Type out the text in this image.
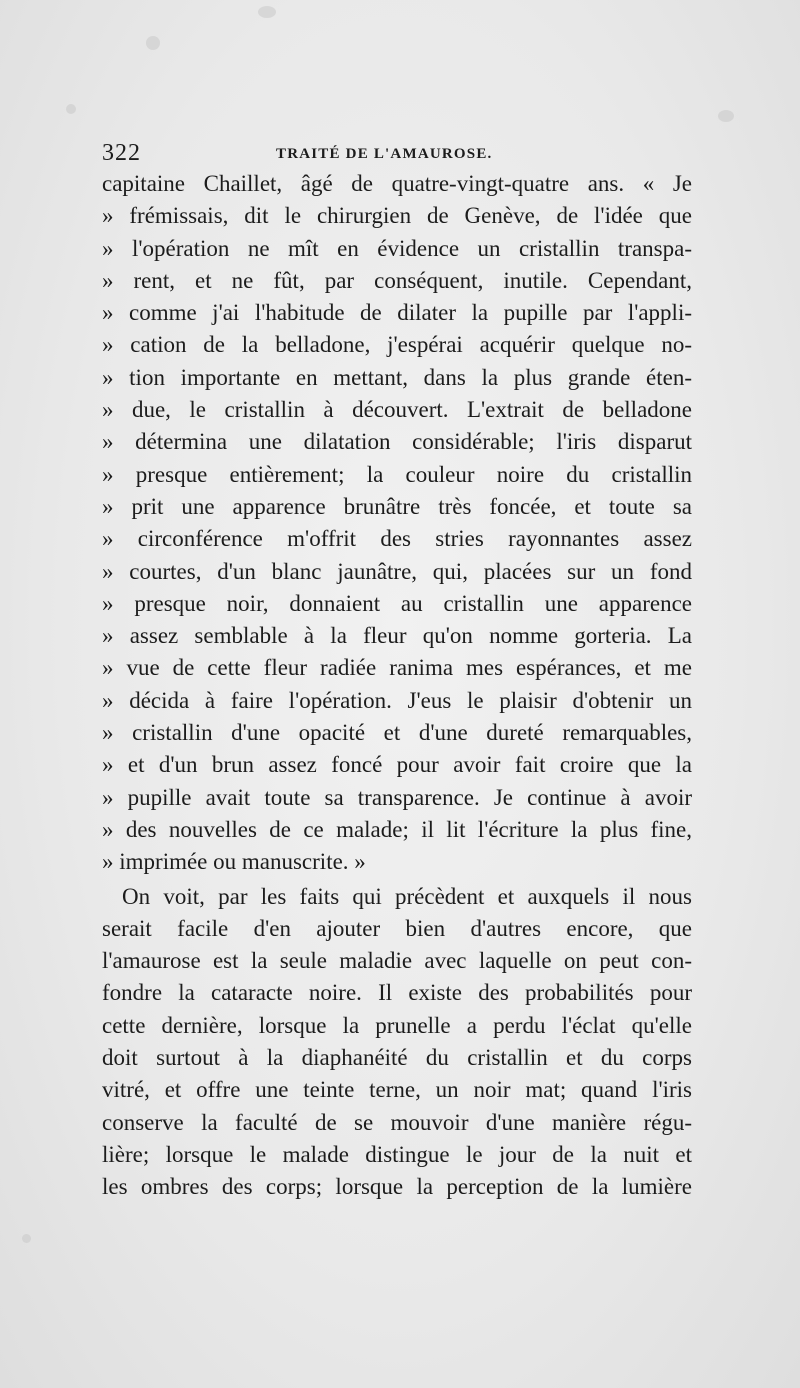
322	TRAITÉ DE L'AMAUROSE.
capitaine Chaillet, âgé de quatre-vingt-quatre ans. « Je
» frémissais, dit le chirurgien de Genève, de l'idée que
» l'opération ne mît en évidence un cristallin transpa-
» rent, et ne fût, par conséquent, inutile. Cependant,
» comme j'ai l'habitude de dilater la pupille par l'appli-
» cation de la belladone, j'espérai acquérir quelque no-
» tion importante en mettant, dans la plus grande éten-
» due, le cristallin à découvert. L'extrait de belladone
» détermina une dilatation considérable; l'iris disparut
» presque entièrement; la couleur noire du cristallin
» prit une apparence brunâtre très foncée, et toute sa
» circonférence m'offrit des stries rayonnantes assez
» courtes, d'un blanc jaunâtre, qui, placées sur un fond
» presque noir, donnaient au cristallin une apparence
» assez semblable à la fleur qu'on nomme gorteria. La
» vue de cette fleur radiée ranima mes espérances, et me
» décida à faire l'opération. J'eus le plaisir d'obtenir un
» cristallin d'une opacité et d'une dureté remarquables,
» et d'un brun assez foncé pour avoir fait croire que la
» pupille avait toute sa transparence. Je continue à avoir
» des nouvelles de ce malade; il lit l'écriture la plus fine,
» imprimée ou manuscrite. »
On voit, par les faits qui précèdent et auxquels il nous
serait facile d'en ajouter bien d'autres encore, que
l'amaurose est la seule maladie avec laquelle on peut con-
fondre la cataracte noire. Il existe des probabilités pour
cette dernière, lorsque la prunelle a perdu l'éclat qu'elle
doit surtout à la diaphanéité du cristallin et du corps
vitré, et offre une teinte terne, un noir mat; quand l'iris
conserve la faculté de se mouvoir d'une manière régu-
lière; lorsque le malade distingue le jour de la nuit et
les ombres des corps; lorsque la perception de la lumière
